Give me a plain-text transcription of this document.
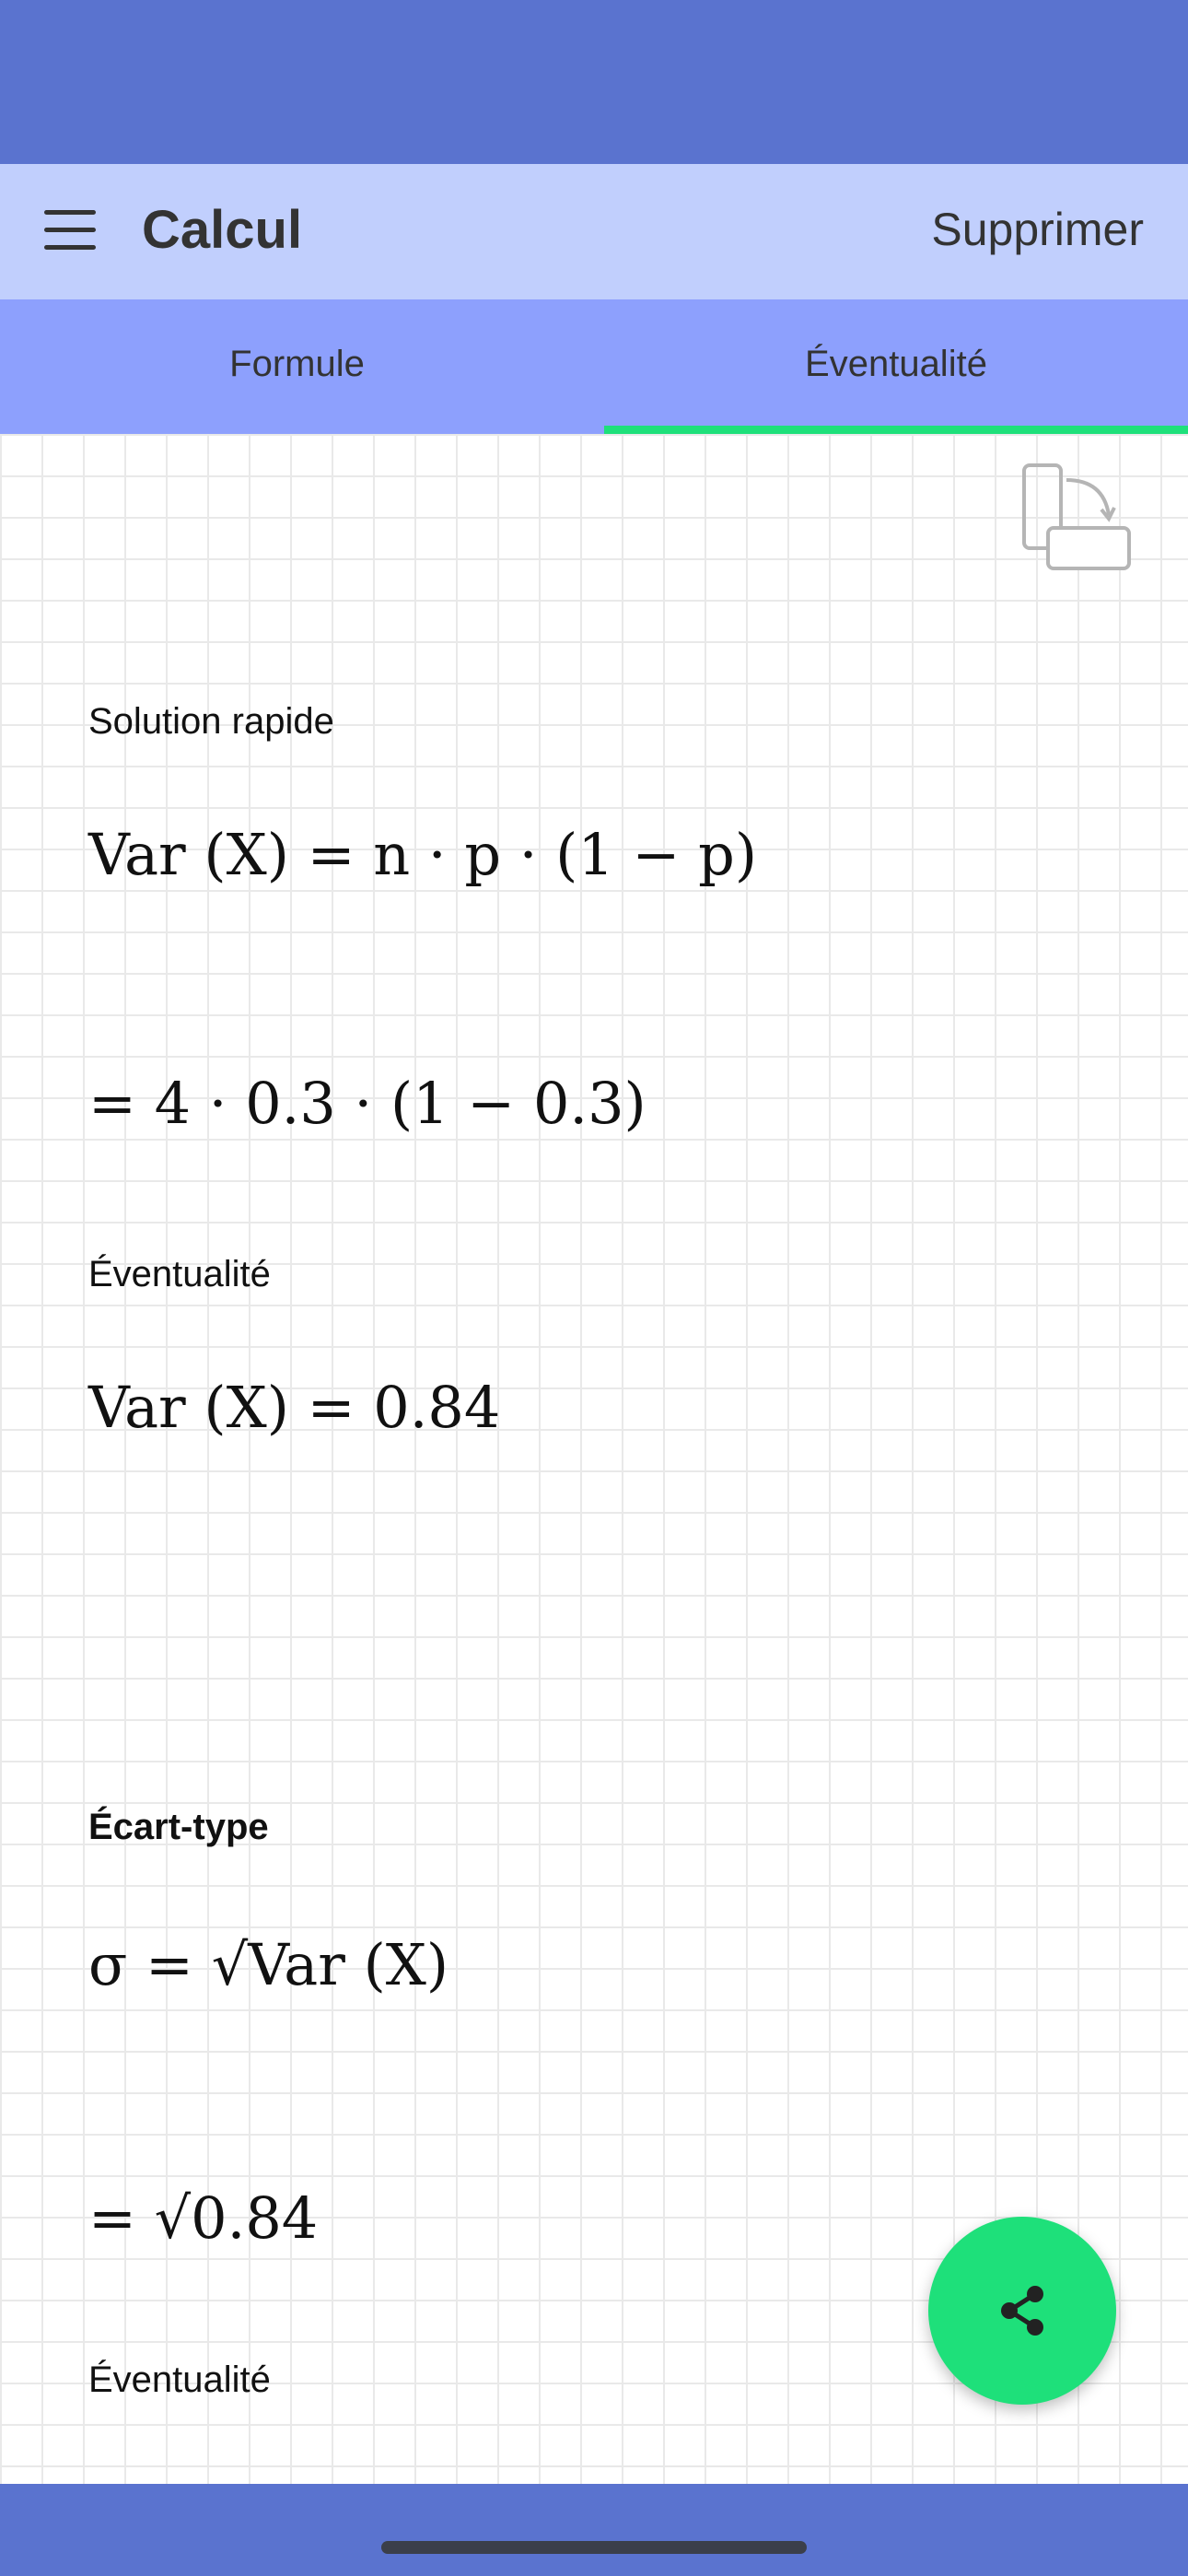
Calcul	Supprimer
Formule	Éventualité
Solution rapide
Var (X) = n · p · (1 − p)
= 4 · 0.3 · (1 − 0.3)
Éventualité
Var (X) = 0.84
Écart-type
σ = √Var (X)
= √0.84
Éventualité
